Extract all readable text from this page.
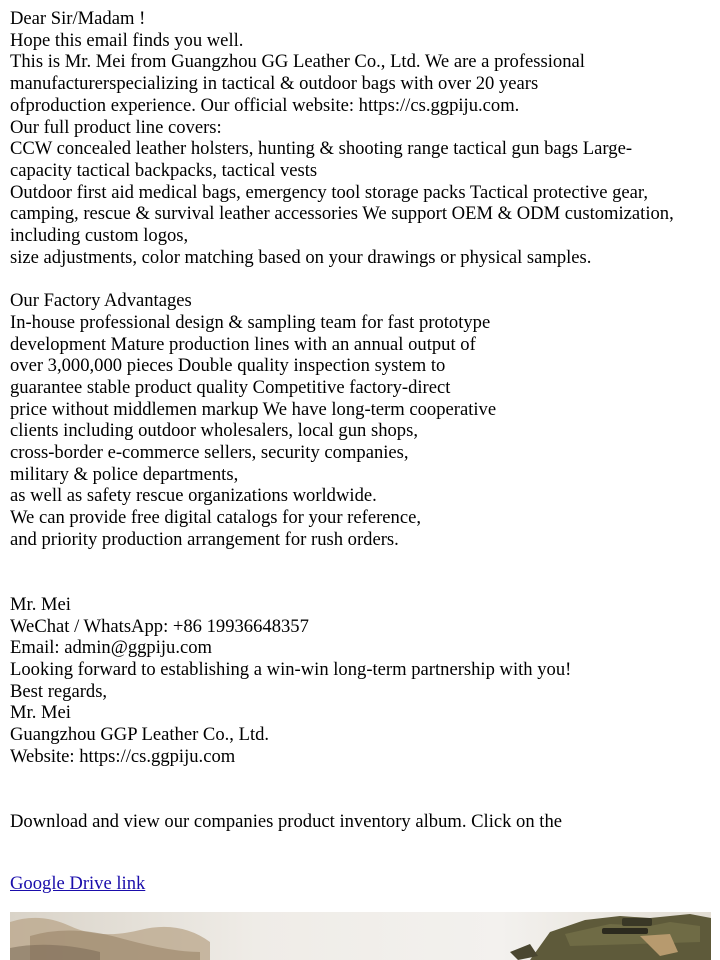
Dear Sir/Madam !
Hope this email finds you well.
This is Mr. Mei from Guangzhou GG Leather Co., Ltd. We are a professional
manufacturerspecializing in tactical & outdoor bags with over 20 years
ofproduction experience. Our official website: https://cs.ggpiju.com.
Our full product line covers:
CCW concealed leather holsters, hunting & shooting range tactical gun bags Large-
capacity tactical backpacks, tactical vests
Outdoor first aid medical bags, emergency tool storage packs Tactical protective gear,
camping, rescue & survival leather accessories We support OEM & ODM customization,
including custom logos,
size adjustments, color matching based on your drawings or physical samples.
Our Factory Advantages
In-house professional design & sampling team for fast prototype
development Mature production lines with an annual output of
over 3,000,000 pieces Double quality inspection system to
guarantee stable product quality Competitive factory-direct
price without middlemen markup We have long-term cooperative
clients including outdoor wholesalers, local gun shops,
cross-border e-commerce sellers, security companies,
military & police departments,
as well as safety rescue organizations worldwide.
We can provide free digital catalogs for your reference,
and priority production arrangement for rush orders.
Mr. Mei
WeChat / WhatsApp: +86 19936648357
Email: admin@ggpiju.com
Looking forward to establishing a win-win long-term partnership with you!
Best regards,
Mr. Mei
Guangzhou GGP Leather Co., Ltd.
Website: https://cs.ggpiju.com
Download and view our companies product inventory album. Click on the
Google Drive link
